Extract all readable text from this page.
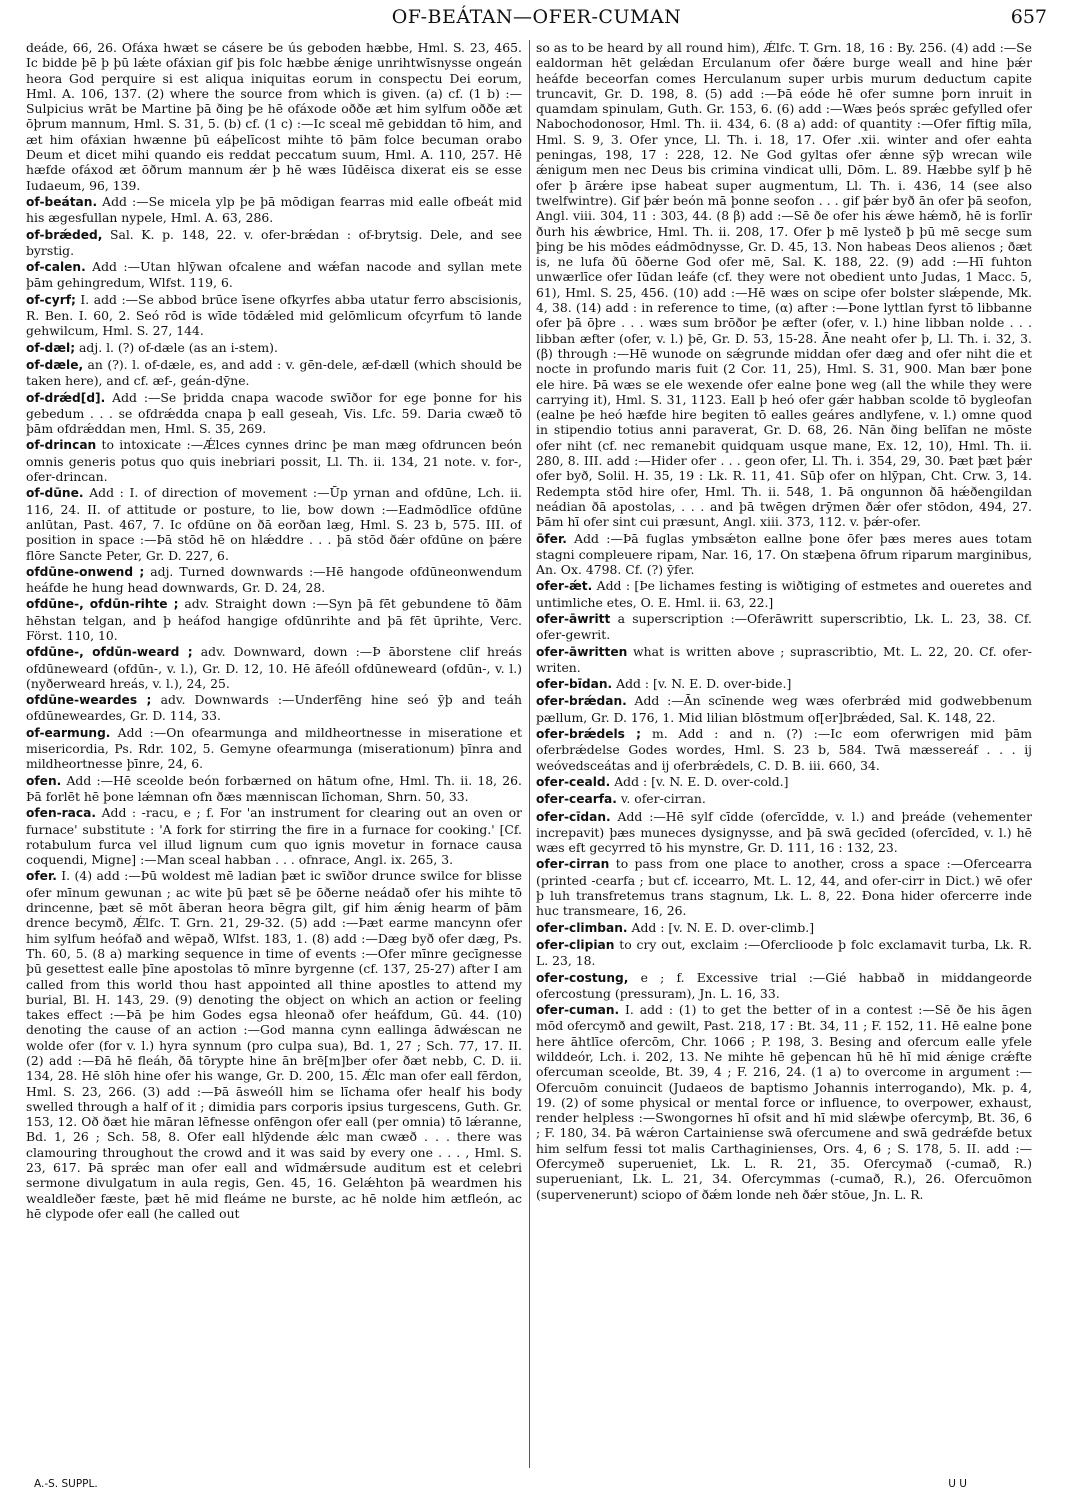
OF-BEÁTAN—OFER-CUMAN	657

deáde, 66, 26. Ofáxa hwæt se cásere be ús geboden hæbbe, Hml. S. 23, 465. Ic bidde þē þ þū lǽte ofáxian gif þis folc hæbbe ǽnige unrihtwīsnysse ongeán heora God perquire si est aliqua iniquitas eorum in conspectu Dei eorum, Hml. A. 106, 137. (2) where the source from which is given. (a) cf. (1 b) :—Sulpicius wrāt be Martine þā ðing þe hē ofáxode oððe æt him sylfum oððe æt ōþrum mannum, Hml. S. 31, 5. (b) cf. (1 c) :—Ic sceal mē gebiddan tō him, and æt him ofáxian hwænne þū eáþelīcost mihte tō þām folce becuman orabo Deum et dicet mihi quando eis reddat peccatum suum, Hml. A. 110, 257. Hē hæfde ofáxod æt ōðrum mannum ǽr þ hē wæs Iūdēisca dixerat eis se esse Iudaeum, 96, 139.

of-beátan. Add :—Se micela ylp þe þā mōdigan fearras mid ealle ofbeát mid his ægesfullan nypele, Hml. A. 63, 286.

of-brǽded, Sal. K. p. 148, 22. v. ofer-brǽdan : of-brytsig. Dele, and see byrstig.

of-calen. Add :—Utan hlȳwan ofcalene and wǽfan nacode and syllan mete þām gehingredum, Wlfst. 119, 6.

of-cyrf; I. add :—Se abbod brūce īsene ofkyrfes abba utatur ferro abscisionis, R. Ben. I. 60, 2. Seó rōd is wīde tōdǽled mid gelōmlicum ofcyrfum tō lande gehwilcum, Hml. S. 27, 144.

of-dæl; adj. l. (?) of-dæle (as an i-stem).

of-dæle, an (?). l. of-dæle, es, and add : v. gēn-dele, æf-dæll (which should be taken here), and cf. æf-, geán-dȳne.

of-drǽd[d]. Add :—Se þridda cnapa wacode swīðor for ege þonne for his gebedum . . . se ofdrǽdda cnapa þ eall geseah, Vis. Lfc. 59. Daria cwæð tō þām ofdrǽddan men, Hml. S. 35, 269.

of-drincan to intoxicate :—Ǽlces cynnes drinc þe man mæg ofdruncen beón omnis generis potus quo quis inebriari possit, Ll. Th. ii. 134, 21 note. v. for-, ofer-drincan.

of-dūne. Add : I. of direction of movement :—Ūp yrnan and ofdūne, Lch. ii. 116, 24. II. of attitude or posture, to lie, bow down :—Eadmōdlīce ofdūne anlūtan, Past. 467, 7. Ic ofdūne on ðā eorðan læg, Hml. S. 23 b, 575. III. of position in space :—Þā stōd hē on hlǽddre . . . þā stōd ðǽr ofdūne on þǽre flōre Sancte Peter, Gr. D. 227, 6.

ofdūne-onwend ; adj. Turned downwards :—Hē hangode ofdūneonwendum heáfde he hung head downwards, Gr. D. 24, 28.

ofdūne-, ofdūn-rihte ; adv. Straight down :—Syn þā fēt gebundene tō ðām hēhstan telgan, and þ heáfod hangige ofdūnrihte and þā fēt ūprihte, Verc. Först. 110, 10.

ofdūne-, ofdūn-weard ; adv. Downward, down :—Þ āborstene clif hreás ofdūneweard (ofdūn-, v. l.), Gr. D. 12, 10. Hē āfeóll ofdūneweard (ofdūn-, v. l.) (nyðerweard hreás, v. l.), 24, 25.

ofdūne-weardes ; adv. Downwards :—Underfēng hine seó ȳþ and teáh ofdūneweardes, Gr. D. 114, 33.

of-earmung. Add :—On ofearmunga and mildheortnesse in miseratione et misericordia, Ps. Rdr. 102, 5. Gemyne ofearmunga (miserationum) þīnra and mildheortnesse þīnre, 24, 6.

ofen. Add :—Hē sceolde beón forbærned on hātum ofne, Hml. Th. ii. 18, 26. Þā forlēt hē þone lǽmnan ofn ðæs mænniscan līchoman, Shrn. 50, 33.

ofen-raca. Add : -racu, e ; f. For 'an instrument for clearing out an oven or furnace' substitute : 'A fork for stirring the fire in a furnace for cooking.' [Cf. rotabulum furca vel illud lignum cum quo ignis movetur in fornace causa coquendi, Migne] :—Man sceal habban . . . ofnrace, Angl. ix. 265, 3.

ofer. I. (4) add :—Þū woldest mē ladian þæt ic swīðor drunce swilce for blisse ofer mīnum gewunan ; ac wite þū þæt sē þe ōðerne neádað ofer his mihte tō drincenne, þæt sē mōt āberan heora bēgra gilt, gif him ǽnig hearm of þām drence becymð, Ǽlfc. T. Grn. 21, 29-32. (5) add :—Þæt earme mancynn ofer him sylfum heófað and wēpað, Wlfst. 183, 1. (8) add :—Dæg byð ofer dæg, Ps. Th. 60, 5. (8 a) marking sequence in time of events :—Ofer mīnre gecīgnesse þū gesettest ealle þīne apostolas tō mīnre byrgenne (cf. 137, 25-27) after I am called from this world thou hast appointed all thine apostles to attend my burial, Bl. H. 143, 29. (9) denoting the object on which an action or feeling takes effect :—Þā þe him Godes egsa hleonað ofer heáfdum, Gū. 44. (10) denoting the cause of an action :—God manna cynn eallinga ādwǽscan ne wolde ofer (for v. l.) hyra synnum (pro culpa sua), Bd. 1, 27 ; Sch. 77, 17. II. (2) add :—Ðā hē fleáh, ðā tōrypte hine ān brē[m]ber ofer ðæt nebb, C. D. ii. 134, 28. Hē slōh hine ofer his wange, Gr. D. 200, 15. Ǽlc man ofer eall fērdon, Hml. S. 23, 266. (3) add :—Þā āsweóll him se līchama ofer healf his body swelled through a half of it ; dimidia pars corporis ipsius turgescens, Guth. Gr. 153, 12. Oð ðæt hie māran lēfnesse onfēngon ofer eall (per omnia) tō lǽranne, Bd. 1, 26 ; Sch. 58, 8. Ofer eall hlȳdende ǽlc man cwæð . . . there was clamouring throughout the crowd and it was said by every one . . . , Hml. S. 23, 617. Þā sprǽc man ofer eall and wīdmǽrsude auditum est et celebri sermone divulgatum in aula regis, Gen. 45, 16. Gelǽhton þā weardmen his wealdleðer fæste, þæt hē mid fleáme ne burste, ac hē nolde him ætfleón, ac hē clypode ofer eall (he called out

so as to be heard by all round him), Ǽlfc. T. Grn. 18, 16 : By. 256. (4) add :—Se ealdorman hēt gelǽdan Erculanum ofer ðǽre burge weall and hine þǽr heáfde beceorfan comes Herculanum super urbis murum deductum capite truncavit, Gr. D. 198, 8. (5) add :—Þā eóde hē ofer sumne þorn inruit in quamdam spinulam, Guth. Gr. 153, 6. (6) add :—Wæs þeós sprǽc gefylled ofer Nabochodonosor, Hml. Th. ii. 434, 6. (8 a) add: of quantity :—Ofer fīftig mīla, Hml. S. 9, 3. Ofer ynce, Ll. Th. i. 18, 17. Ofer .xii. winter and ofer eahta peningas, 198, 17 : 228, 12. Ne God gyltas ofer ǽnne sȳþ wrecan wile ǽnigum men nec Deus bis crimina vindicat ulli, Dōm. L. 89. Hæbbe sylf þ hē ofer þ ārǽre ipse habeat super augmentum, Ll. Th. i. 436, 14 (see also twelfwintre). Gif þǽr beón mā þonne seofon . . . gif þǽr byð ān ofer þā seofon, Angl. viii. 304, 11 : 303, 44. (8 β) add :—Sē ðe ofer his ǽwe hǽmð, hē is forlīr ðurh his ǽwbrice, Hml. Th. ii. 208, 17. Ofer þ mē lysteð þ þū mē secge sum þing be his mōdes eádmōdnysse, Gr. D. 45, 13. Non habeas Deos alienos ; ðæt is, ne lufa ðū ōðerne God ofer mē, Sal. K. 188, 22. (9) add :—Hī fuhton unwærlīce ofer Iūdan leáfe (cf. they were not obedient unto Judas, 1 Macc. 5, 61), Hml. S. 25, 456. (10) add :—Hē wæs on scipe ofer bolster slǽpende, Mk. 4, 38. (14) add : in reference to time, (α) after :—Þone lyttlan fyrst tō libbanne ofer þā ōþre . . . wæs sum brōðor þe æfter (ofer, v. l.) hine libban nolde . . . libban æfter (ofer, v. l.) þē, Gr. D. 53, 15-28. Āne neaht ofer þ, Ll. Th. i. 32, 3. (β) through :—Hē wunode on sǽgrunde middan ofer dæg and ofer niht die et nocte in profundo maris fuit (2 Cor. 11, 25), Hml. S. 31, 900. Man bær þone ele hire. Þā wæs se ele wexende ofer ealne þone weg (all the while they were carrying it), Hml. S. 31, 1123. Eall þ heó ofer gǽr habban scolde tō bygleofan (ealne þe heó hæfde hire begiten tō ealles geáres andlyfene, v. l.) omne quod in stipendio totius anni paraverat, Gr. D. 68, 26. Nān ðing belīfan ne mōste ofer niht (cf. nec remanebit quidquam usque mane, Ex. 12, 10), Hml. Th. ii. 280, 8. III. add :—Hider ofer . . . geon ofer, Ll. Th. i. 354, 29, 30. Þæt þæt þǽr ofer byð, Solil. H. 35, 19 : Lk. R. 11, 41. Sūþ ofer on hlȳpan, Cht. Crw. 3, 14. Redempta stōd hire ofer, Hml. Th. ii. 548, 1. Þā ongunnon ðā hǽðengildan neádian ðā apostolas, . . . and þā twēgen drȳmen ðǽr ofer stōdon, 494, 27. Þām hī ofer sint cui præsunt, Angl. xiii. 373, 112. v. þǽr-ofer.

ōfer. Add :—Þā fuglas ymbsǽton eallne þone ōfer þæs meres aues totam stagni compleuere ripam, Nar. 16, 17. On stæþena ōfrum riparum marginibus, An. Ox. 4798. Cf. (?) ȳfer.

ofer-ǽt. Add : [Þe lichames festing is wiðtiging of estmetes and oueretes and untimliche etes, O. E. Hml. ii. 63, 22.]

ofer-āwritt a superscription :—Oferāwritt superscribtio, Lk. L. 23, 38. Cf. ofer-gewrit.

ofer-āwritten what is written above ; suprascribtio, Mt. L. 22, 20. Cf. ofer-writen.

ofer-bīdan. Add : [v. N. E. D. over-bide.]

ofer-brǽdan. Add :—Ān scīnende weg wæs oferbrǽd mid godwebbenum pællum, Gr. D. 176, 1. Mid lilian blōstmum of[er]brǽded, Sal. K. 148, 22.

ofer-brǽdels ; m. Add : and n. (?) :—Ic eom oferwrigen mid þām oferbrǽdelse Godes wordes, Hml. S. 23 b, 584. Twā mæssereáf . . . ij weóvedsceátas and ij oferbrǽdels, C. D. B. iii. 660, 34.

ofer-ceald. Add : [v. N. E. D. over-cold.]

ofer-cearfa. v. ofer-cirran.

ofer-cīdan. Add :—Hē sylf cīdde (ofercīdde, v. l.) and þreáde (vehementer increpavit) þæs muneces dysignysse, and þā swā gecīded (ofercīded, v. l.) hē wæs eft gecyrred tō his mynstre, Gr. D. 111, 16 : 132, 23.

ofer-cirran to pass from one place to another, cross a space :—Ofercearra (printed -cearfa ; but cf. iccearro, Mt. L. 12, 44, and ofer-cirr in Dict.) wē ofer þ luh transfretemus trans stagnum, Lk. L. 8, 22. Ðona hider ofercerre inde huc transmeare, 16, 26.

ofer-climban. Add : [v. N. E. D. over-climb.]

ofer-clipian to cry out, exclaim :—Oferclioode þ folc exclamavit turba, Lk. R. L. 23, 18.

ofer-costung, e ; f. Excessive trial :—Gié habbað in middangeorde ofercostung (pressuram), Jn. L. 16, 33.

ofer-cuman. I. add : (1) to get the better of in a contest :—Sē ðe his āgen mōd ofercymð and gewilt, Past. 218, 17 : Bt. 34, 11 ; F. 152, 11. Hē ealne þone here āhtlīce ofercōm, Chr. 1066 ; P. 198, 3. Besing and ofercum ealle yfele wilddeór, Lch. i. 202, 13. Ne mihte hē geþencan hū hē hī mid ǽnige crǽfte ofercuman sceolde, Bt. 39, 4 ; F. 216, 24. (1 a) to overcome in argument :—Ofercuōm conuincit (Judaeos de baptismo Johannis interrogando), Mk. p. 4, 19. (2) of some physical or mental force or influence, to overpower, exhaust, render helpless :—Swongornes hī ofsit and hī mid slǽwþe ofercymþ, Bt. 36, 6 ; F. 180, 34. Þā wǽron Cartainiense swā ofercumene and swā gedrǽfde betux him selfum fessi tot malis Carthaginienses, Ors. 4, 6 ; S. 178, 5. II. add :—Ofercymeð superueniet, Lk. L. R. 21, 35. Ofercymað (-cumað, R.) superueniant, Lk. L. 21, 34. Ofercymmas (-cumað, R.), 26. Ofercuōmon (supervenerunt) sciopo of ðǽm londe neh ðǽr stōue, Jn. L. R.

A.-S. SUPPL.	U U
